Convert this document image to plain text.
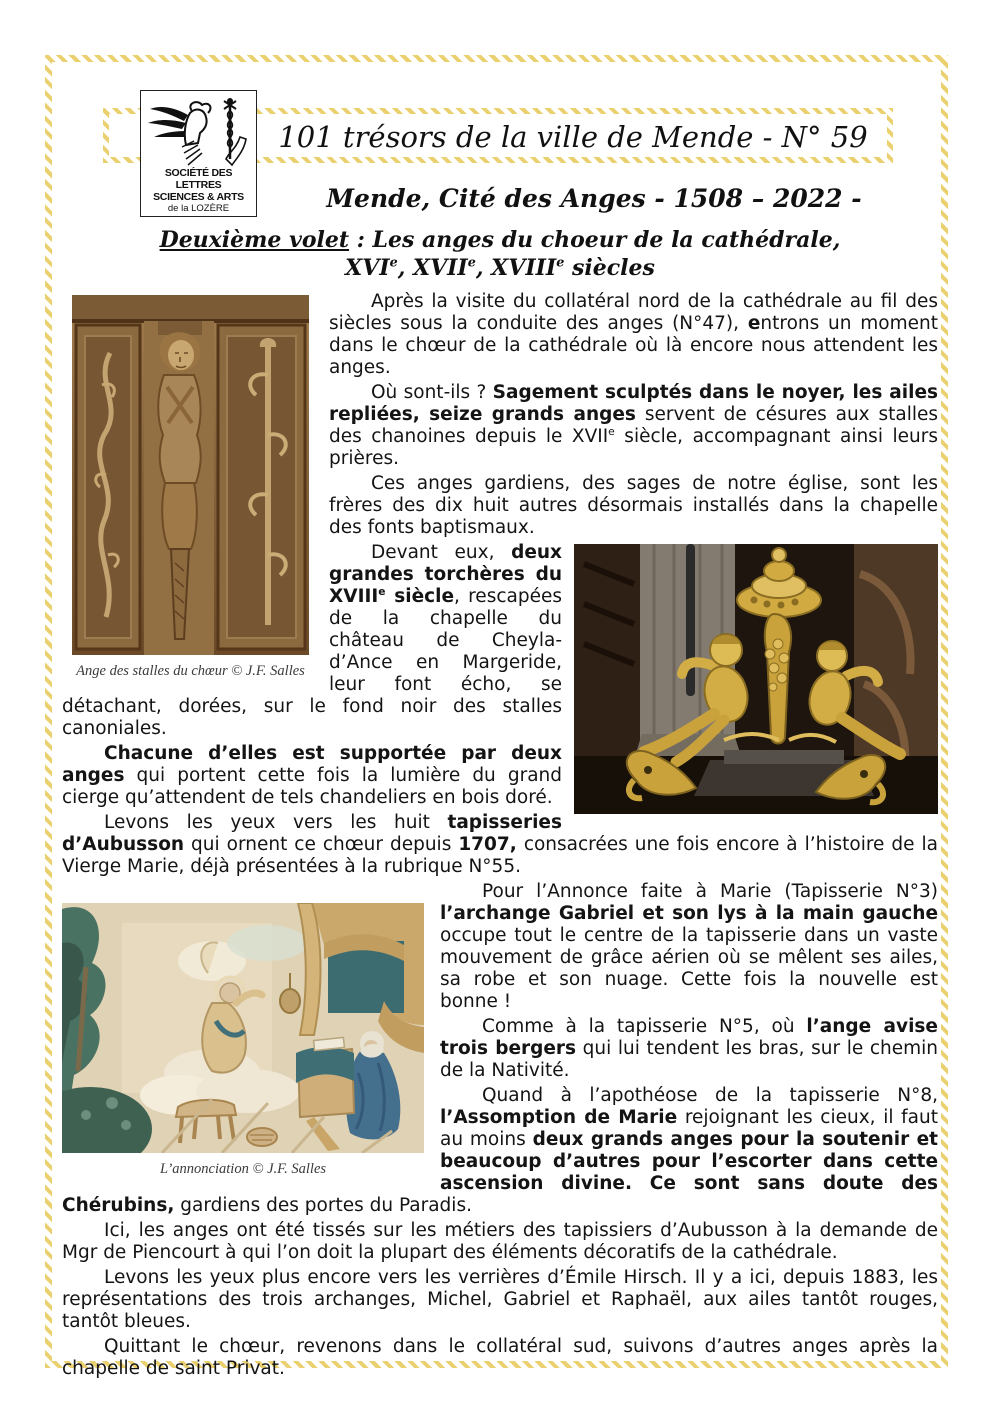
101 trésors de la ville de Mende - N° 59
SOCIÉTÉ DES LETTRES
SCIENCES & ARTS
de la LOZÈRE	Mende, Cité des Anges - 1508 – 2022 -
Deuxième volet : Les anges du choeur de la cathédrale,
XVIe, XVIIe, XVIIIe siècles
Ange des stalles du chœur © J.F. Salles

Après la visite du collatéral nord de la cathédrale au fil des siècles sous la conduite des anges (N°47), entrons un moment dans le chœur de la cathédrale où là encore nous attendent les anges.

Où sont-ils ? Sagement sculptés dans le noyer, les ailes repliées, seize grands anges servent de césures aux stalles des chanoines depuis le XVIIe siècle, accompagnant ainsi leurs prières.

Ces anges gardiens, des sages de notre église, sont les frères des dix huit autres désormais installés dans la chapelle des fonts baptismaux.

Devant eux, deux grandes torchères du XVIIIe siècle, rescapées de la chapelle du château de Cheyla-d’Ance en Margeride, leur font écho, se détachant, dorées, sur le fond noir des stalles canoniales.

Chacune d’elles est supportée par deux anges qui portent cette fois la lumière du grand cierge qu’attendent de tels chandeliers en bois doré.

Levons les yeux vers les huit tapisseries d’Aubusson qui ornent ce chœur depuis 1707, consacrées une fois encore à l’histoire de la Vierge Marie, déjà présentées à la rubrique N°55.

L’annonciation © J.F. Salles

Pour l’Annonce faite à Marie (Tapisserie N°3) l’archange Gabriel et son lys à la main gauche occupe tout le centre de la tapisserie dans un vaste mouvement de grâce aérien où se mêlent ses ailes, sa robe et son nuage. Cette fois la nouvelle est bonne !

Comme à la tapisserie N°5, où l’ange avise trois bergers qui lui tendent les bras, sur le chemin de la Nativité.

Quand à l’apothéose de la tapisserie N°8, l’Assomption de Marie rejoignant les cieux, il faut au moins deux grands anges pour la soutenir et beaucoup d’autres pour l’escorter dans cette ascension divine. Ce sont sans doute des Chérubins, gardiens des portes du Paradis.

Ici, les anges ont été tissés sur les métiers des tapissiers d’Aubusson à la demande de Mgr de Piencourt à qui l’on doit la plupart des éléments décoratifs de la cathédrale.

Levons les yeux plus encore vers les verrières d’Émile Hirsch. Il y a ici, depuis 1883, les représentations des trois archanges, Michel, Gabriel et Raphaël, aux ailes tantôt rouges, tantôt bleues.

Quittant le chœur, revenons dans le collatéral sud, suivons d’autres anges après la chapelle de saint Privat.
